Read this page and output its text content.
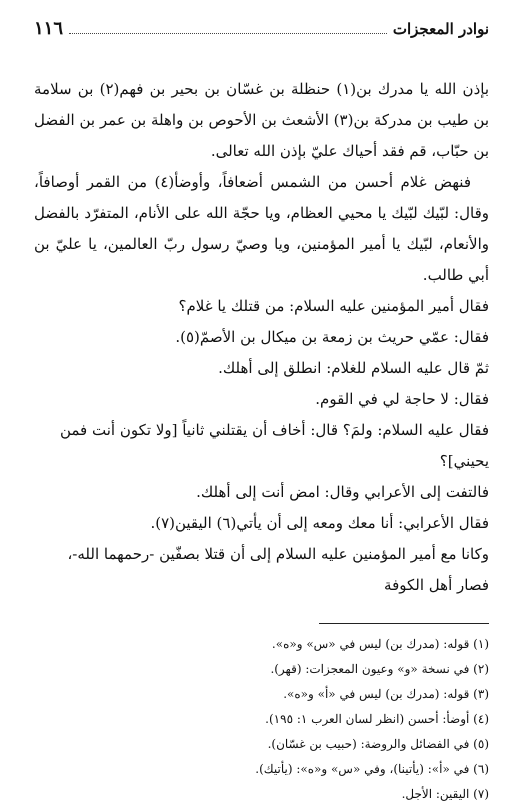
نوادر المعجزات
١١٦

بإذن الله يا مدرك بن(١) حنظلة بن غسّان بن بحير بن فهم(٢) بن سلامة بن طيب بن مدركة بن(٣) الأشعث بن الأحوص بن واهلة بن عمر بن الفضل بن حبّاب، قم فقد أحياك عليّ بإذن الله تعالى.

فنهض غلام أحسن من الشمس أضعافاً، وأوضأ(٤) من القمر أوصافاً، وقال: لبّيك لبّيك يا محيي العظام، ويا حجّة الله على الأنام، المتفرّد بالفضل والأنعام، لبّيك يا أمير المؤمنين، ويا وصيّ رسول ربّ العالمين، يا عليّ بن أبي طالب.

فقال أمير المؤمنين عليه السلام: من قتلك يا غلام؟

فقال: عمّي حريث بن زمعة بن ميكال بن الأصمّ(٥).

ثمّ قال عليه السلام للغلام: انطلق إلى أهلك.

فقال: لا حاجة لي في القوم.

فقال عليه السلام: ولمَ؟ قال: أخاف أن يقتلني ثانياً [ولا تكون أنت فمن يحيني]؟

فالتفت إلى الأعرابي وقال: امض أنت إلى أهلك.

فقال الأعرابي: أنا معك ومعه إلى أن يأتي(٦) اليقين(٧).

وكانا مع أمير المؤمنين عليه السلام إلى أن قتلا بصفّين -رحمهما الله-، فصار أهل الكوفة

(١) قوله: (مدرك بن) ليس في «س» و«ه».
(٢) في نسخة «و» وعيون المعجزات: (قهر).
(٣) قوله: (مدرك بن) ليس في «أ» و«ه».
(٤) أوضأ: أحسن (انظر لسان العرب ١: ١٩٥).
(٥) في الفضائل والروضة: (حبيب بن غسّان).
(٦) في «أ»: (يأتينا)، وفي «س» و«ه»: (يأتيك).
(٧) اليقين: الأجل.
